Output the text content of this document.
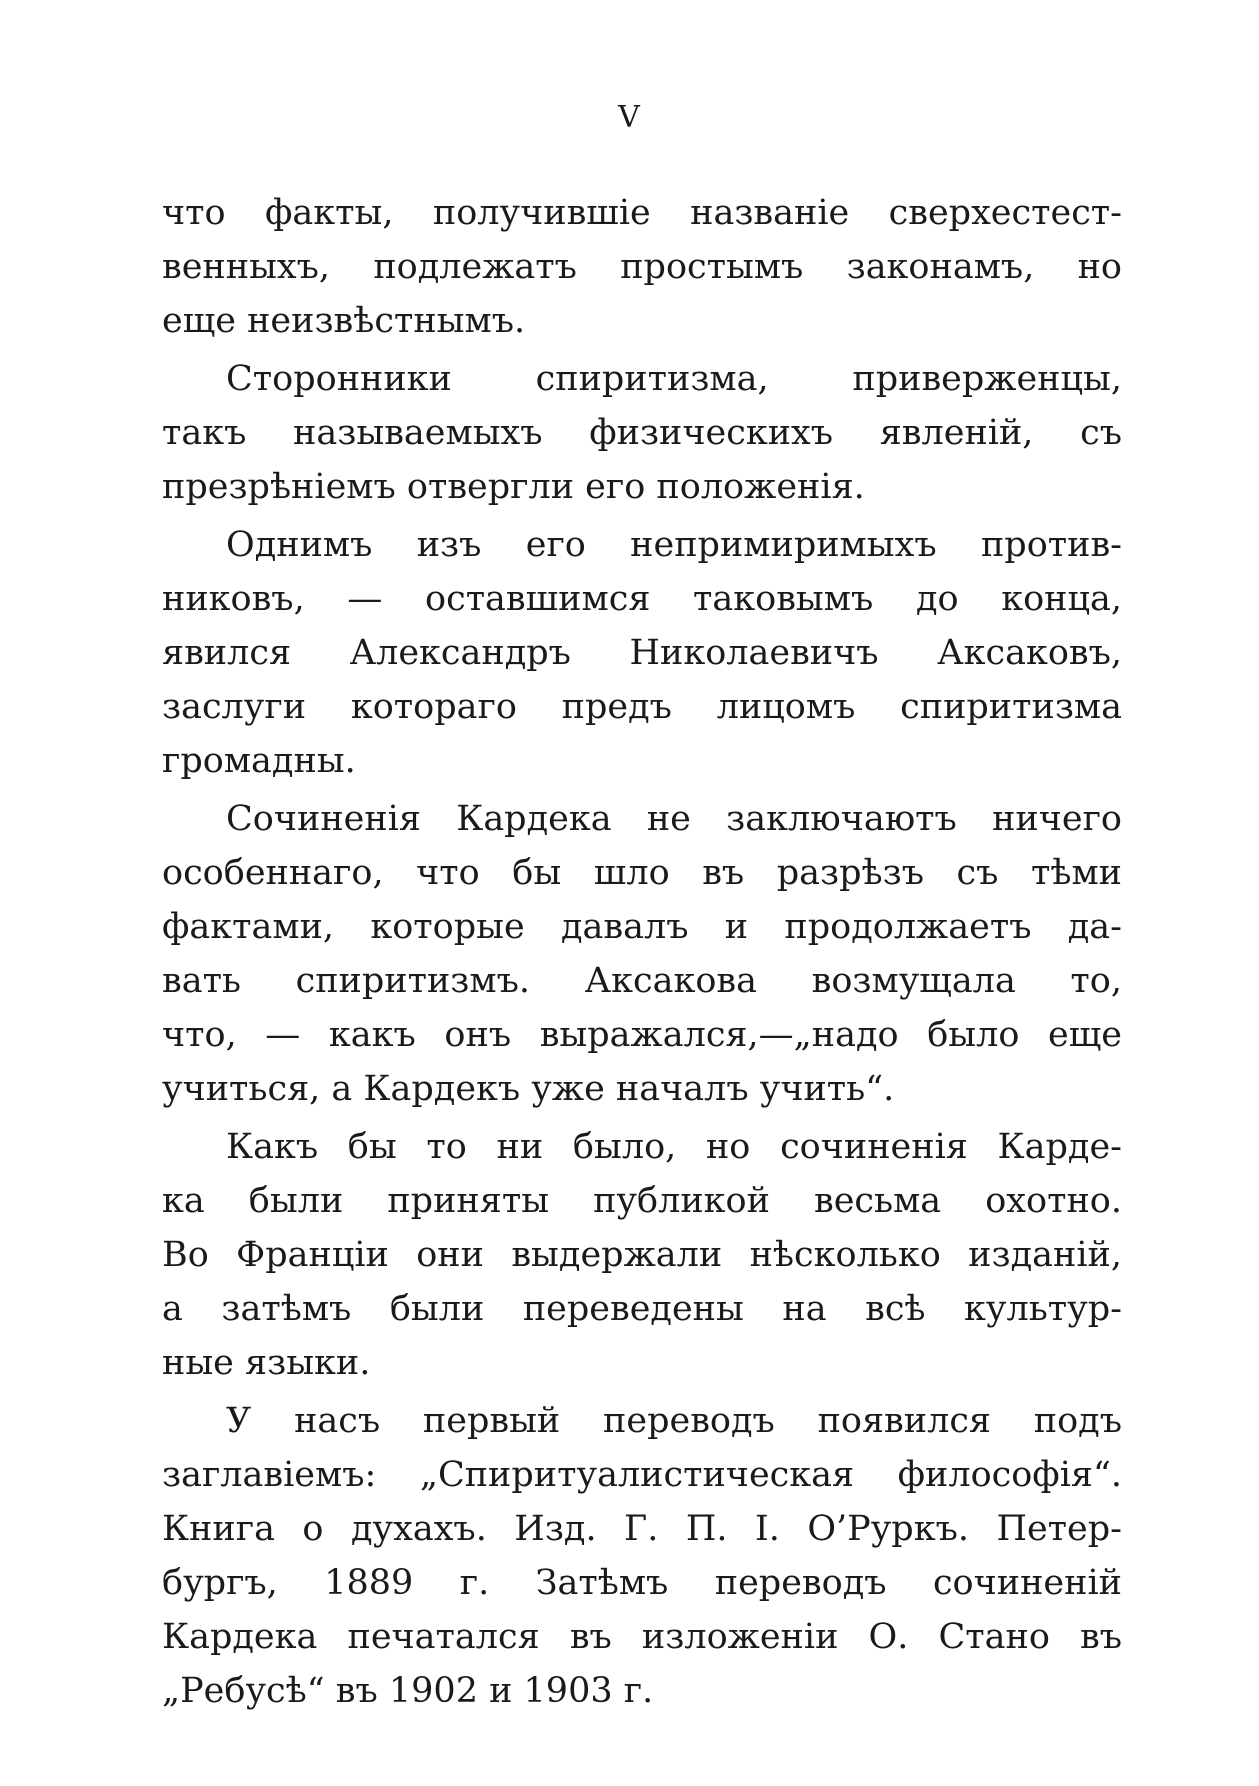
V
что факты, получившіе названіе сверхестест-
венныхъ, подлежатъ простымъ законамъ, но
еще неизвѣстнымъ.
Сторонники спиритизма, приверженцы,
такъ называемыхъ физическихъ явленій, съ
презрѣніемъ отвергли его положенія.
Однимъ изъ его непримиримыхъ против-
никовъ, — оставшимся таковымъ до конца,
явился Александръ Николаевичъ Аксаковъ,
заслуги котораго предъ лицомъ спиритизма
громадны.
Сочиненія Кардека не заключаютъ ничего
особеннаго, что бы шло въ разрѣзъ съ тѣми
фактами, которые давалъ и продолжаетъ да-
вать спиритизмъ. Аксакова возмущала то,
что, — какъ онъ выражался,—„надо было еще
учиться, а Кардекъ уже началъ учить“.
Какъ бы то ни было, но сочиненія Карде-
ка были приняты публикой весьма охотно.
Во Франціи они выдержали нѣсколько изданій,
а затѣмъ были переведены на всѣ культур-
ные языки.
У насъ первый переводъ появился подъ
заглавіемъ: „Спиритуалистическая философія“.
Книга о духахъ. Изд. Г. П. І. О’Руркъ. Петер-
бургъ, 1889 г. Затѣмъ переводъ сочиненій
Кардека печатался въ изложеніи О. Стано въ
„Ребусѣ“ въ 1902 и 1903 г.
